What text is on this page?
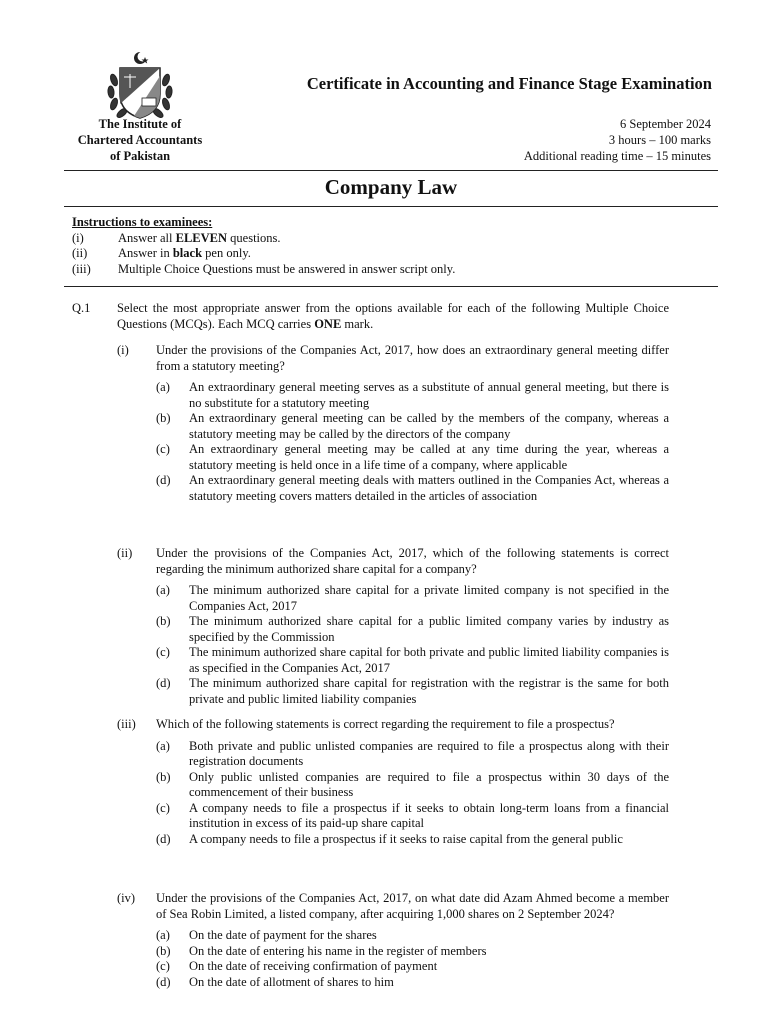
The Institute of
Chartered Accountants
of Pakistan
Certificate in Accounting and Finance Stage Examination
6 September 2024
3 hours – 100 marks
Additional reading time – 15 minutes
Company Law
Instructions to examinees:
(i)	Answer all ELEVEN questions.
(ii)	Answer in black pen only.
(iii)	Multiple Choice Questions must be answered in answer script only.
Q.1 Select the most appropriate answer from the options available for each of the following Multiple Choice Questions (MCQs). Each MCQ carries ONE mark.
(i) Under the provisions of the Companies Act, 2017, how does an extraordinary general meeting differ from a statutory meeting?
(a)	An extraordinary general meeting serves as a substitute of annual general meeting, but there is no substitute for a statutory meeting
(b)	An extraordinary general meeting can be called by the members of the company, whereas a statutory meeting may be called by the directors of the company
(c)	An extraordinary general meeting may be called at any time during the year, whereas a statutory meeting is held once in a life time of a company, where applicable
(d)	An extraordinary general meeting deals with matters outlined in the Companies Act, whereas a statutory meeting covers matters detailed in the articles of association
(ii) Under the provisions of the Companies Act, 2017, which of the following statements is correct regarding the minimum authorized share capital for a company?
(a)	The minimum authorized share capital for a private limited company is not specified in the Companies Act, 2017
(b)	The minimum authorized share capital for a public limited company varies by industry as specified by the Commission
(c)	The minimum authorized share capital for both private and public limited liability companies is as specified in the Companies Act, 2017
(d)	The minimum authorized share capital for registration with the registrar is the same for both private and public limited liability companies
(iii) Which of the following statements is correct regarding the requirement to file a prospectus?
(a)	Both private and public unlisted companies are required to file a prospectus along with their registration documents
(b)	Only public unlisted companies are required to file a prospectus within 30 days of the commencement of their business
(c)	A company needs to file a prospectus if it seeks to obtain long-term loans from a financial institution in excess of its paid-up share capital
(d)	A company needs to file a prospectus if it seeks to raise capital from the general public
(iv) Under the provisions of the Companies Act, 2017, on what date did Azam Ahmed become a member of Sea Robin Limited, a listed company, after acquiring 1,000 shares on 2 September 2024?
(a)	On the date of payment for the shares
(b)	On the date of entering his name in the register of members
(c)	On the date of receiving confirmation of payment
(d)	On the date of allotment of shares to him
